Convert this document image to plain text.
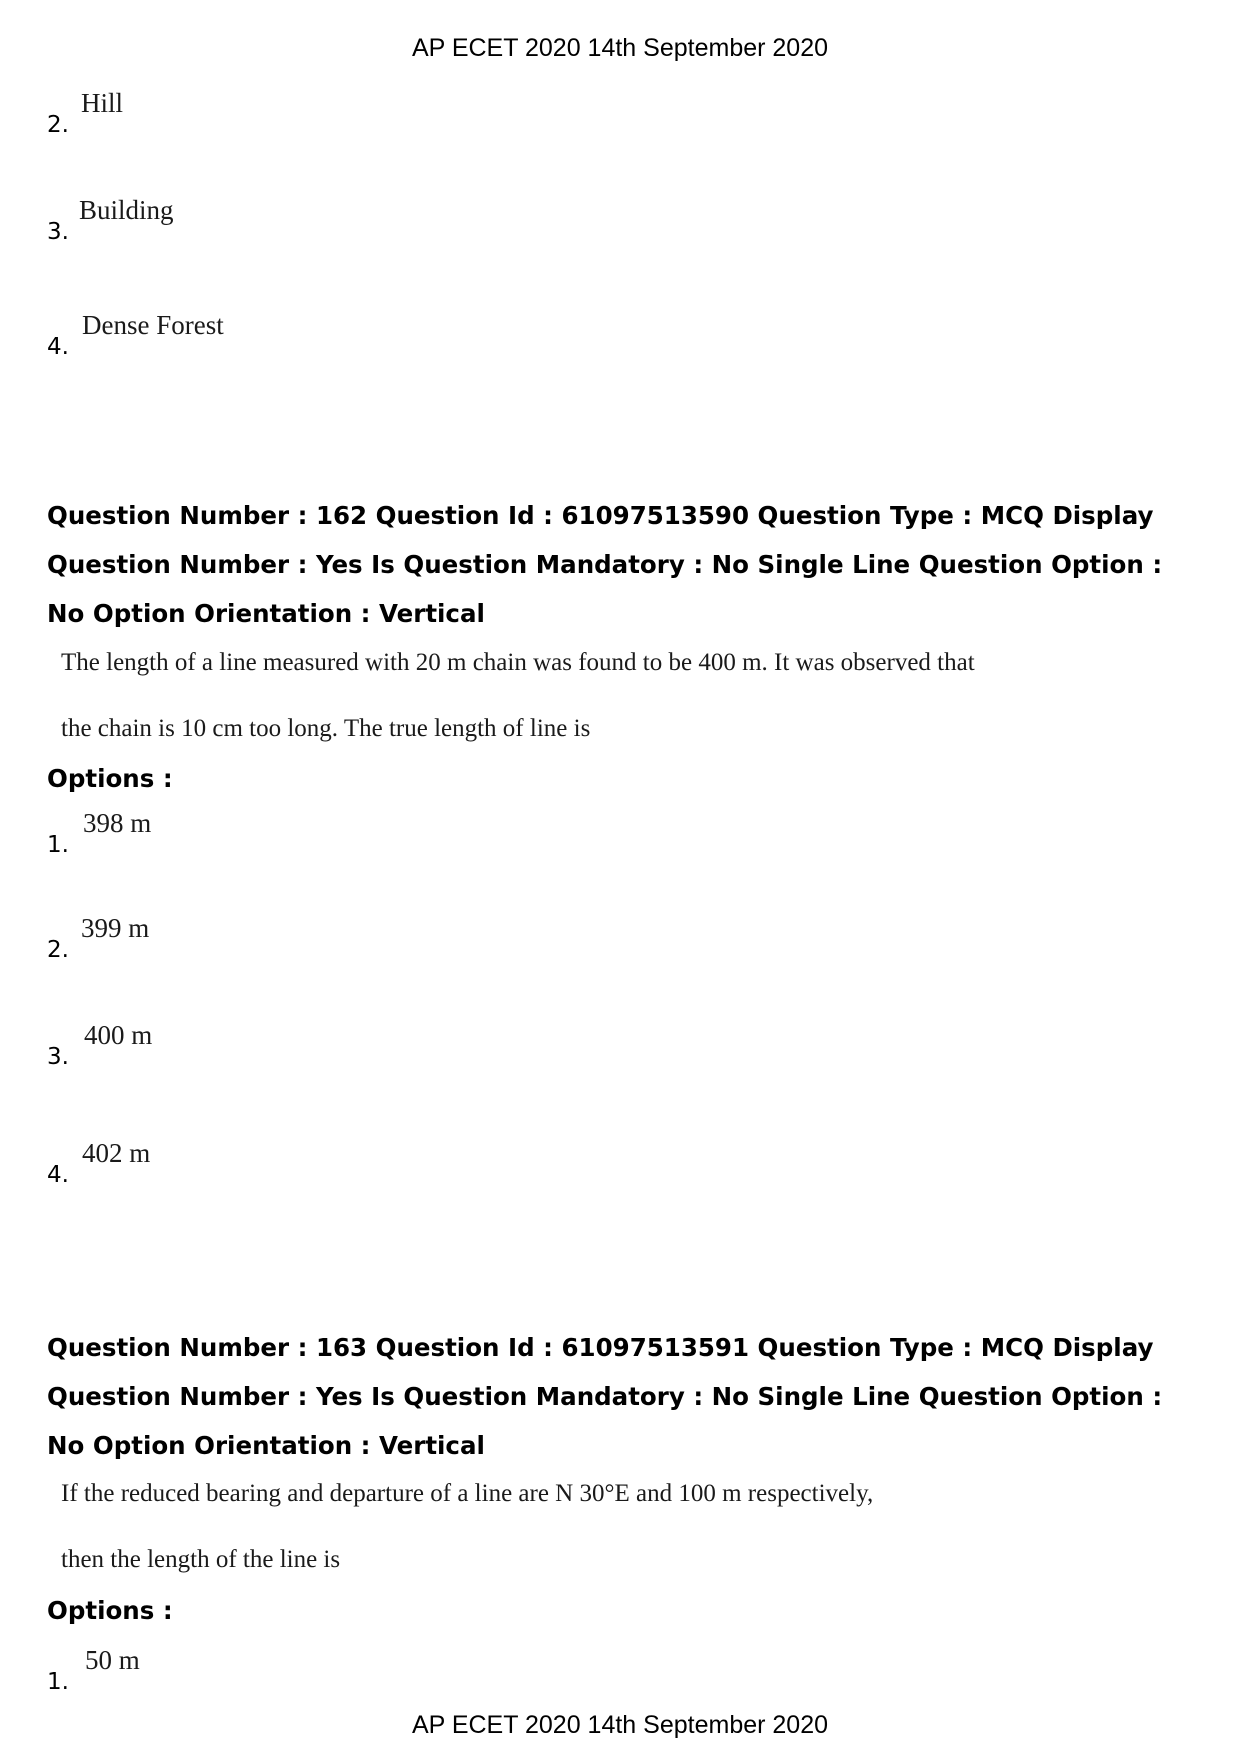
AP ECET 2020 14th September 2020
2.
Hill
3.
Building
4.
Dense Forest
Question Number : 162 Question Id : 61097513590 Question Type : MCQ Display Question Number : Yes Is Question Mandatory : No Single Line Question Option : No Option Orientation : Vertical
The length of a line measured with 20 m chain was found to be 400 m. It was observed that
the chain is 10 cm too long. The true length of line is
Options :
1.
398 m
2.
399 m
3.
400 m
4.
402 m
Question Number : 163 Question Id : 61097513591 Question Type : MCQ Display Question Number : Yes Is Question Mandatory : No Single Line Question Option : No Option Orientation : Vertical
If the reduced bearing and departure of a line are N 30°E and 100 m respectively,
then the length of the line is
Options :
1.
50 m
AP ECET 2020 14th September 2020
